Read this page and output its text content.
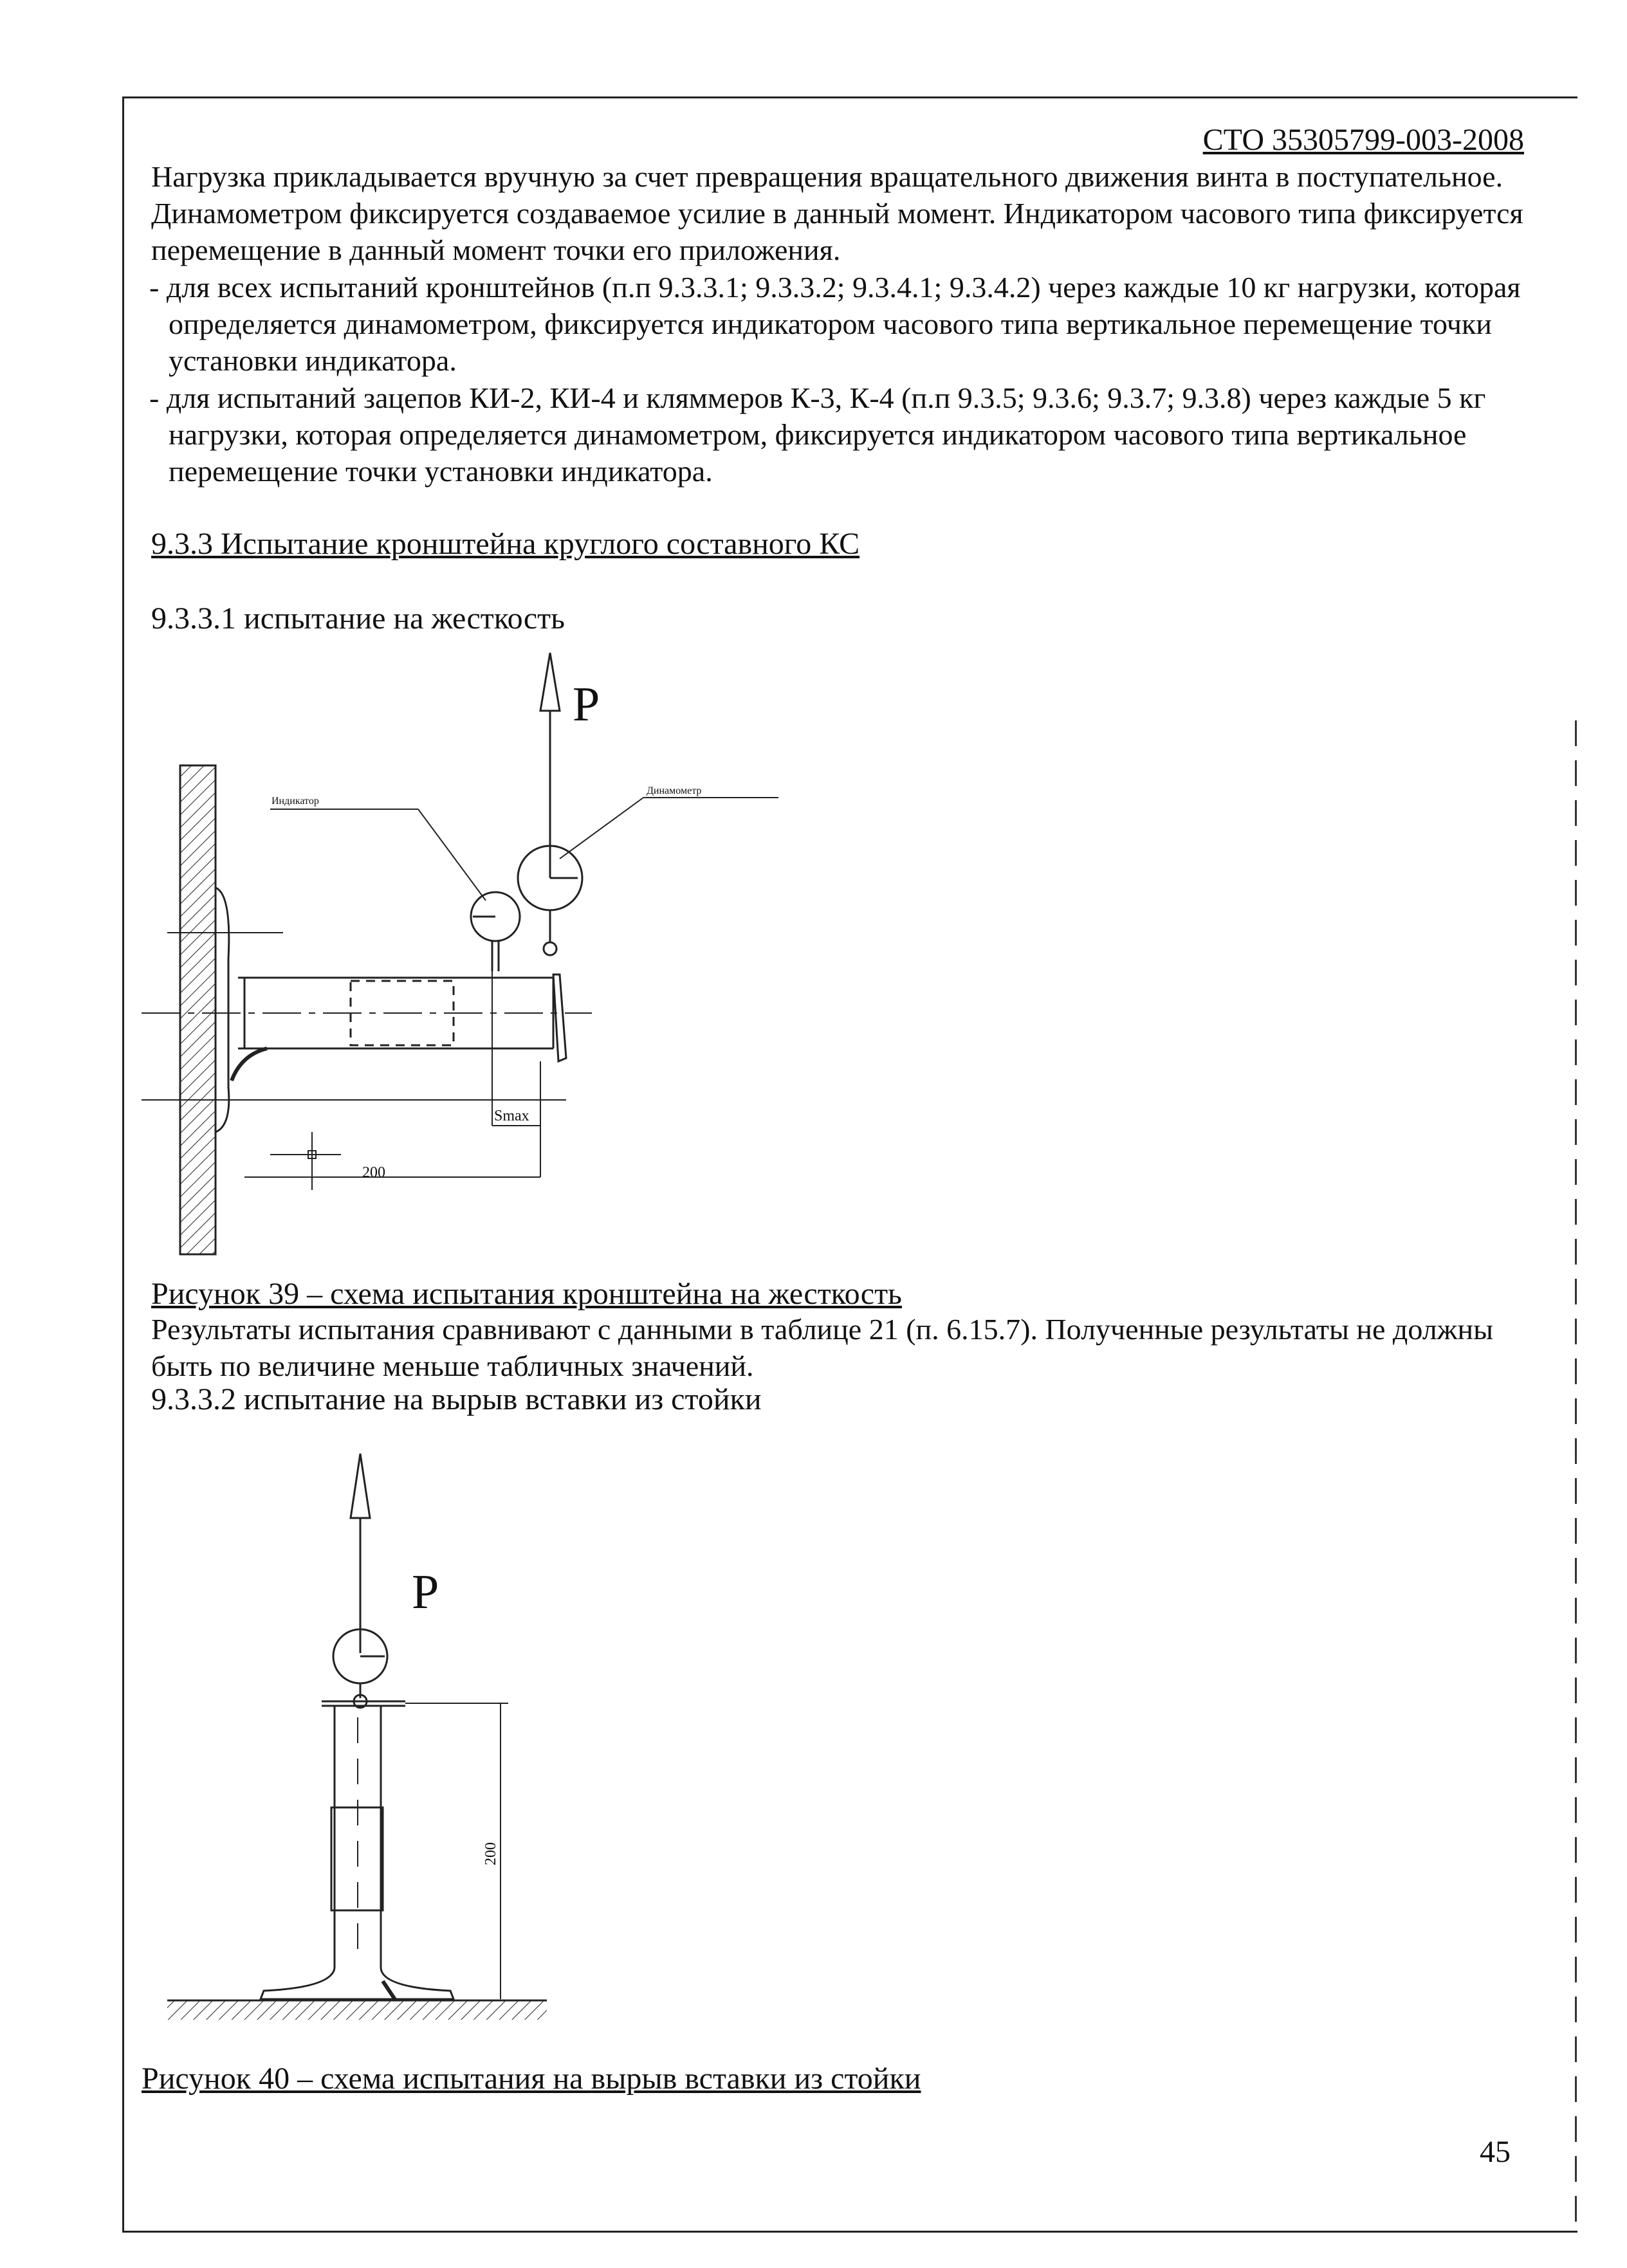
СТО 35305799-003-2008

Нагрузка прикладывается вручную за счет превращения вращательного движения винта в поступательное. Динамометром фиксируется создаваемое усилие в данный момент. Индикатором часового типа фиксируется перемещение в данный момент точки его приложения.

- для всех испытаний кронштейнов (п.п 9.3.3.1; 9.3.3.2; 9.3.4.1; 9.3.4.2) через каждые 10 кг нагрузки, которая определяется динамометром, фиксируется индикатором часового типа вертикальное перемещение точки установки индикатора.

- для испытаний зацепов КИ-2, КИ-4 и кляммеров К-3, К-4 (п.п 9.3.5; 9.3.6; 9.3.7; 9.3.8) через каждые 5 кг нагрузки, которая определяется динамометром, фиксируется индикатором часового типа вертикальное перемещение точки установки индикатора.

9.3.3 Испытание кронштейна круглого составного КС
9.3.3.1 испытание на жесткость
P
Индикатор
Динамометр
Smax
200
Рисунок 39 – схема испытания кронштейна на жесткость

Результаты испытания сравнивают с данными в таблице 21 (п. 6.15.7). Полученные результаты не должны быть по величине меньше табличных значений.

9.3.3.2 испытание на вырыв вставки из стойки
P
200
Рисунок 40 – схема испытания на вырыв вставки из стойки
45
